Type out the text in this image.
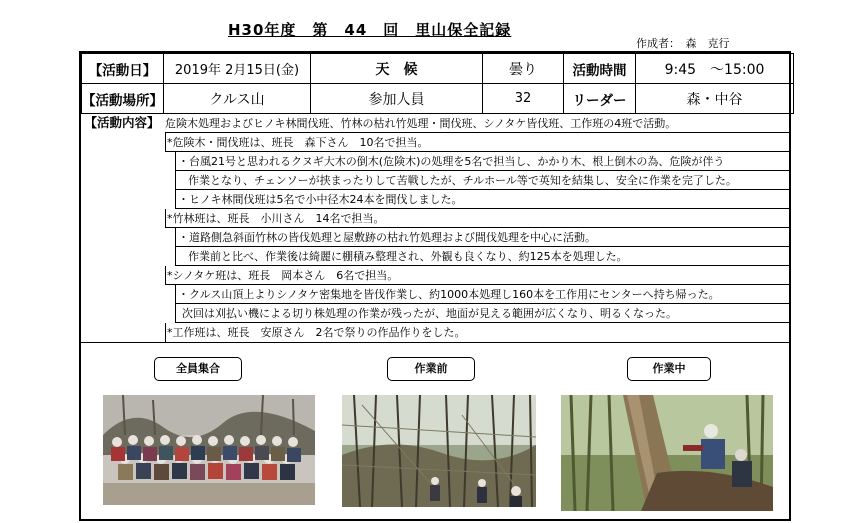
H30年度　第　44　回　里山保全記録
作成者：　森　克行
【活動日】	2019年 2月15日(金)	天　候	曇り	活動時間	9:45　～15:00
【活動場所】	クルス山	参加人員	32	リーダー	森・中谷
【活動内容】 危険木処理およびヒノキ林間伐班、竹林の枯れ竹処理・間伐班、シノタケ皆伐班、工作班の4班で活動。
*危険木・間伐班は、班長　森下さん　10名で担当。
・台風21号と思われるクヌギ大木の倒木(危険木)の処理を5名で担当し、かかり木、根上倒木の為、危険が伴う
作業となり、チェンソーが挟まったりして苦戦したが、チルホール等で英知を結集し、安全に作業を完了した。
・ヒノキ林間伐班は5名で小中径木24本を間伐しました。
*竹林班は、班長　小川さん　14名で担当。
・道路側急斜面竹林の皆伐処理と屋敷跡の枯れ竹処理および間伐処理を中心に活動。
作業前と比べ、作業後は綺麗に棚積み整理され、外観も良くなり、約125本を処理した。
*シノタケ班は、班長　岡本さん　6名で担当。
・クルス山頂上よりシノタケ密集地を皆伐作業し、約1000本処理し160本を工作用にセンターへ持ち帰った。
次回は刈払い機による切り株処理の作業が残ったが、地面が見える範囲が広くなり、明るくなった。
*工作班は、班長　安原さん　2名で祭りの作品作りをした。
全員集合	作業前	作業中
